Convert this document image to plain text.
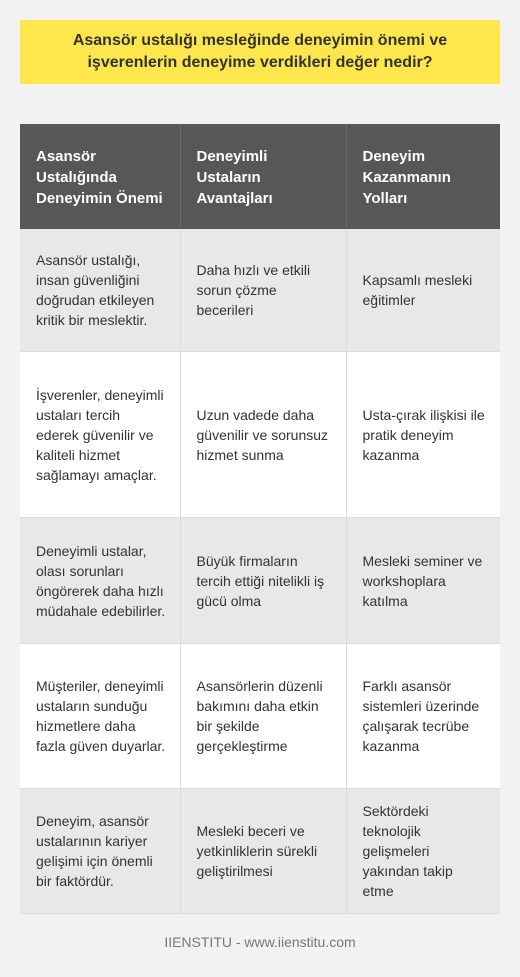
Asansör ustalığı mesleğinde deneyimin önemi ve işverenlerin deneyime verdikleri değer nedir?
Asansör Ustalığında Deneyimin Önemi	Deneyimli Ustaların Avantajları	Deneyim Kazanmanın Yolları
Asansör ustalığı, insan güvenliğini doğrudan etkileyen kritik bir meslektir.	Daha hızlı ve etkili sorun çözme becerileri	Kapsamlı mesleki eğitimler
İşverenler, deneyimli ustaları tercih ederek güvenilir ve kaliteli hizmet sağlamayı amaçlar.	Uzun vadede daha güvenilir ve sorunsuz hizmet sunma	Usta-çırak ilişkisi ile pratik deneyim kazanma
Deneyimli ustalar, olası sorunları öngörerek daha hızlı müdahale edebilirler.	Büyük firmaların tercih ettiği nitelikli iş gücü olma	Mesleki seminer ve workshoplara katılma
Müşteriler, deneyimli ustaların sunduğu hizmetlere daha fazla güven duyarlar.	Asansörlerin düzenli bakımını daha etkin bir şekilde gerçekleştirme	Farklı asansör sistemleri üzerinde çalışarak tecrübe kazanma
Deneyim, asansör ustalarının kariyer gelişimi için önemli bir faktördür.	Mesleki beceri ve yetkinliklerin sürekli geliştirilmesi	Sektördeki teknolojik gelişmeleri yakından takip etme
IIENSTITU - www.iienstitu.com
